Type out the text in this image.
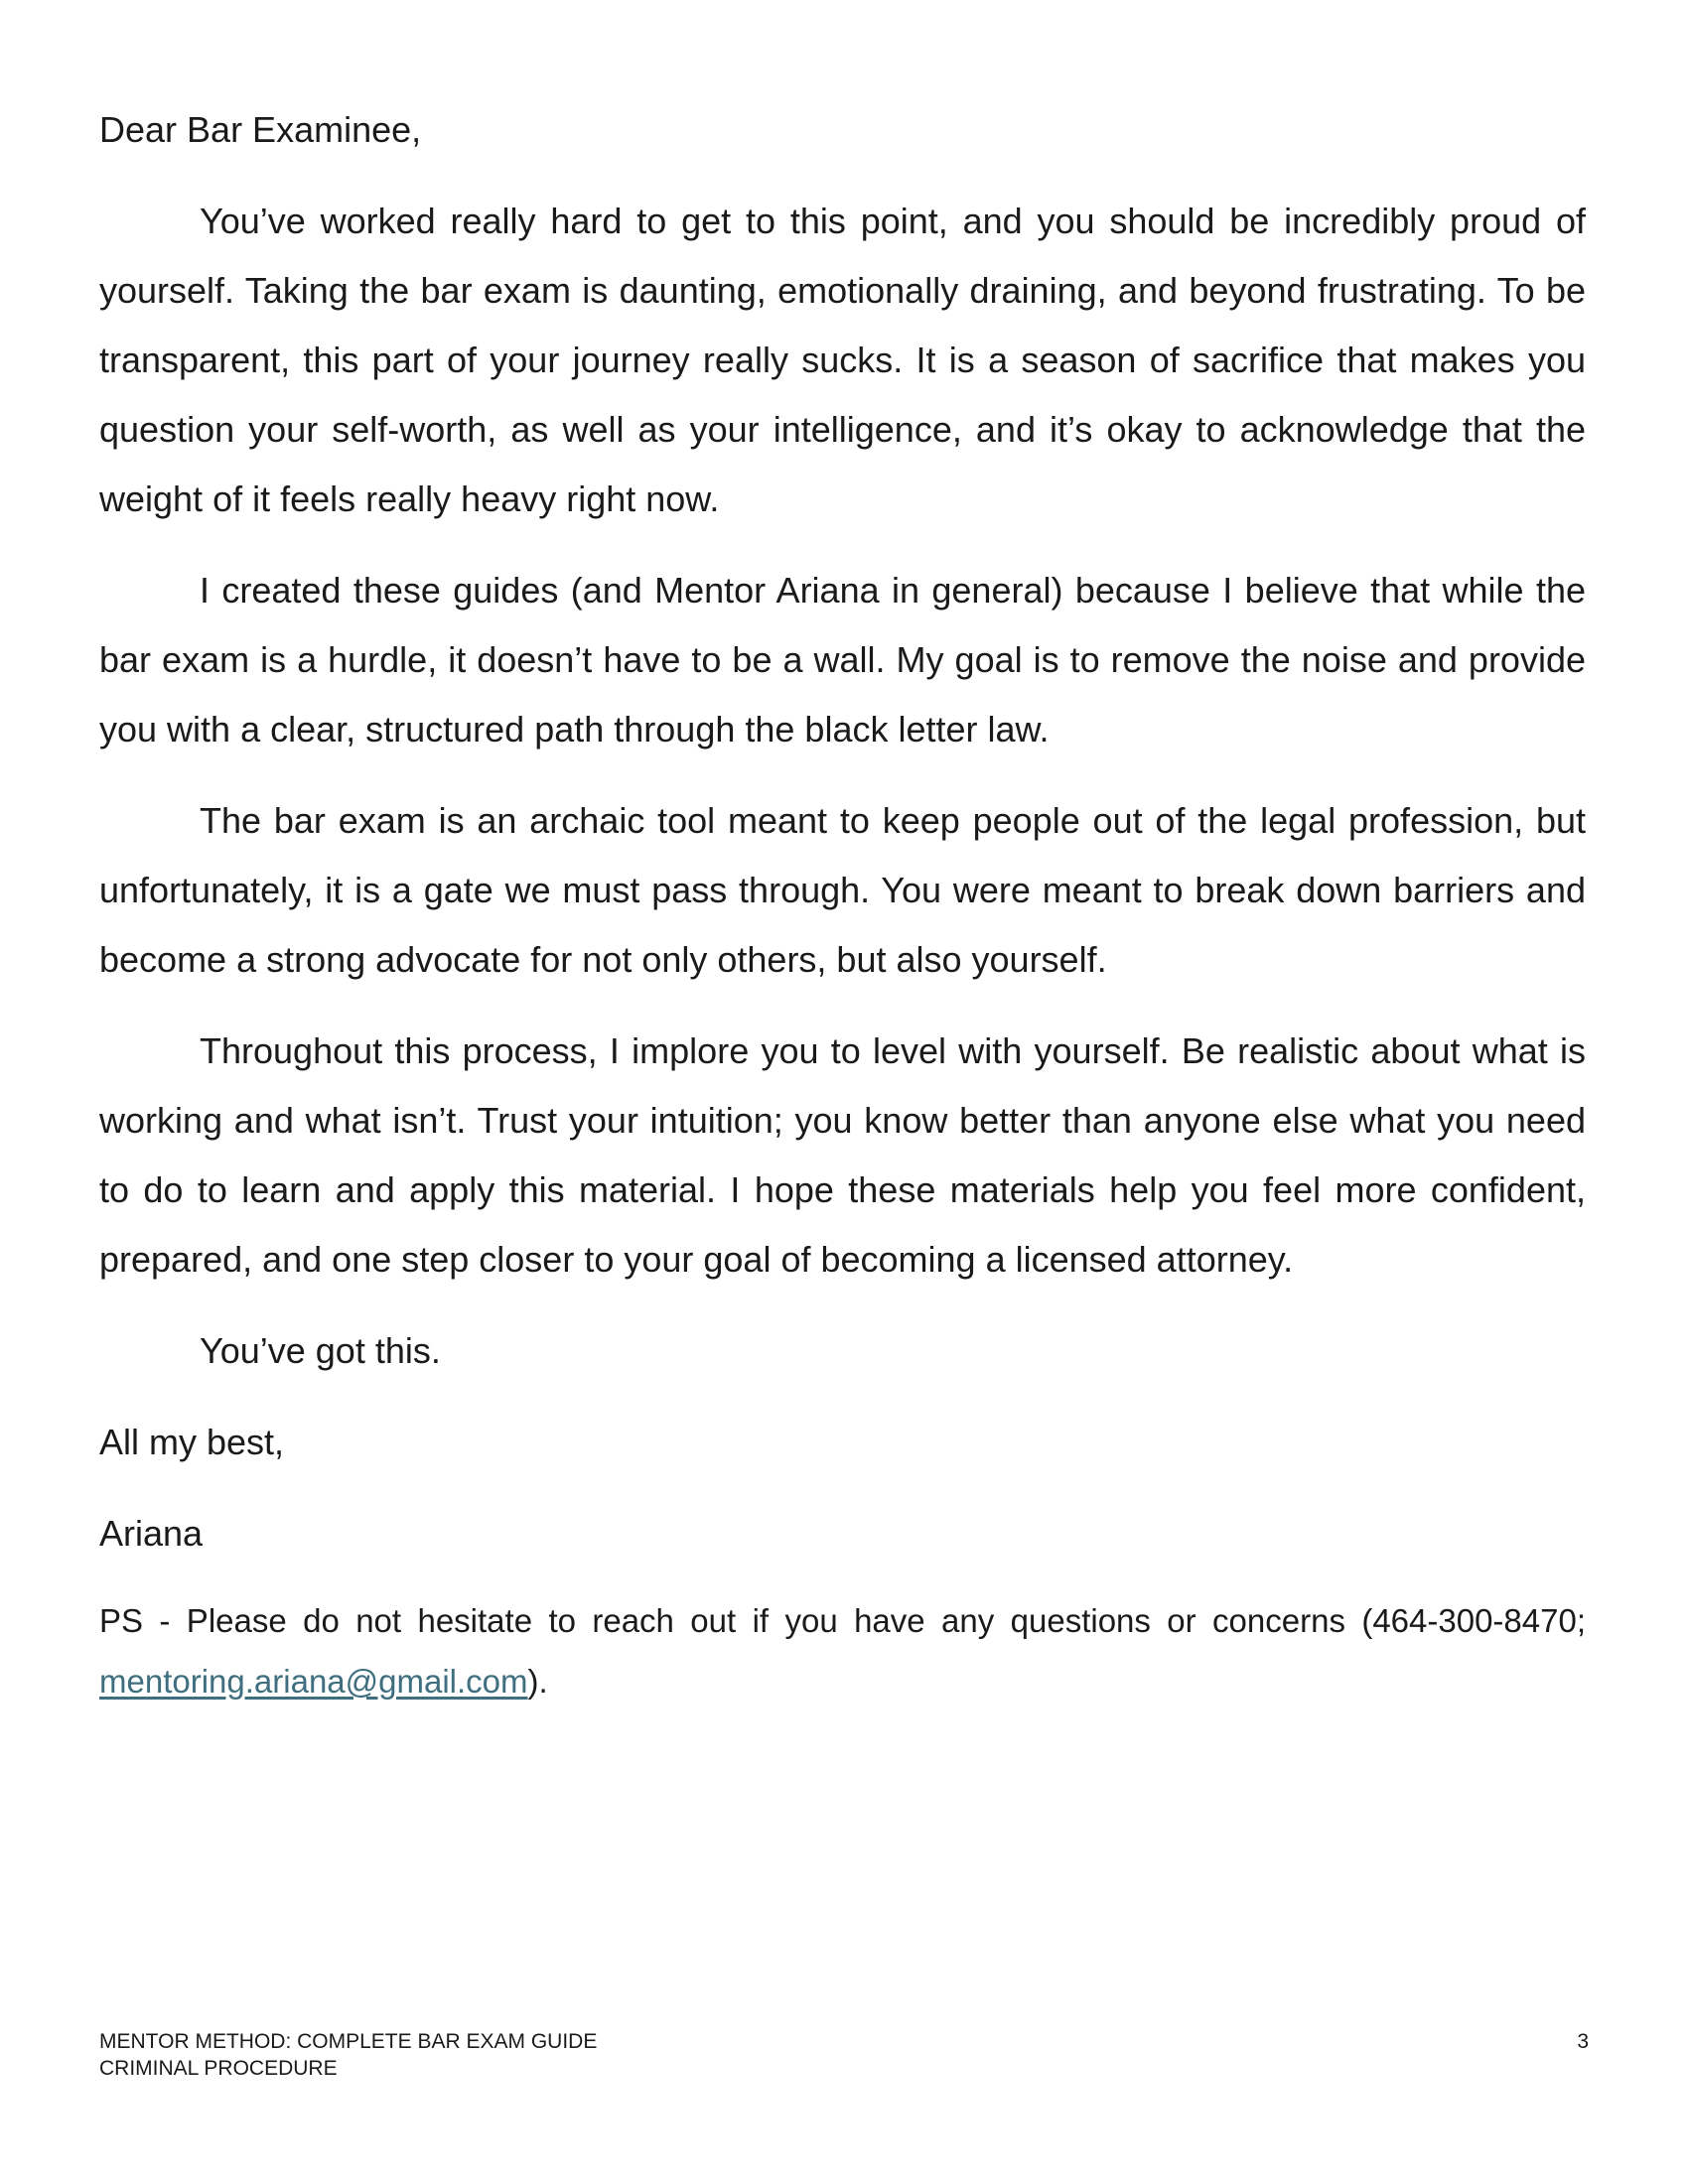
Dear Bar Examinee,

You’ve worked really hard to get to this point, and you should be incredibly proud of yourself. Taking the bar exam is daunting, emotionally draining, and beyond frustrating. To be transparent, this part of your journey really sucks. It is a season of sacrifice that makes you question your self-worth, as well as your intelligence, and it’s okay to acknowledge that the weight of it feels really heavy right now.

I created these guides (and Mentor Ariana in general) because I believe that while the bar exam is a hurdle, it doesn’t have to be a wall. My goal is to remove the noise and provide you with a clear, structured path through the black letter law.

The bar exam is an archaic tool meant to keep people out of the legal profession, but unfortunately, it is a gate we must pass through. You were meant to break down barriers and become a strong advocate for not only others, but also yourself.

Throughout this process, I implore you to level with yourself. Be realistic about what is working and what isn’t. Trust your intuition; you know better than anyone else what you need to do to learn and apply this material. I hope these materials help you feel more confident, prepared, and one step closer to your goal of becoming a licensed attorney.

You’ve got this.

All my best,

Ariana

PS - Please do not hesitate to reach out if you have any questions or concerns (464-300-8470; mentoring.ariana@gmail.com).

MENTOR METHOD: COMPLETE BAR EXAM GUIDE
CRIMINAL PROCEDURE
3
